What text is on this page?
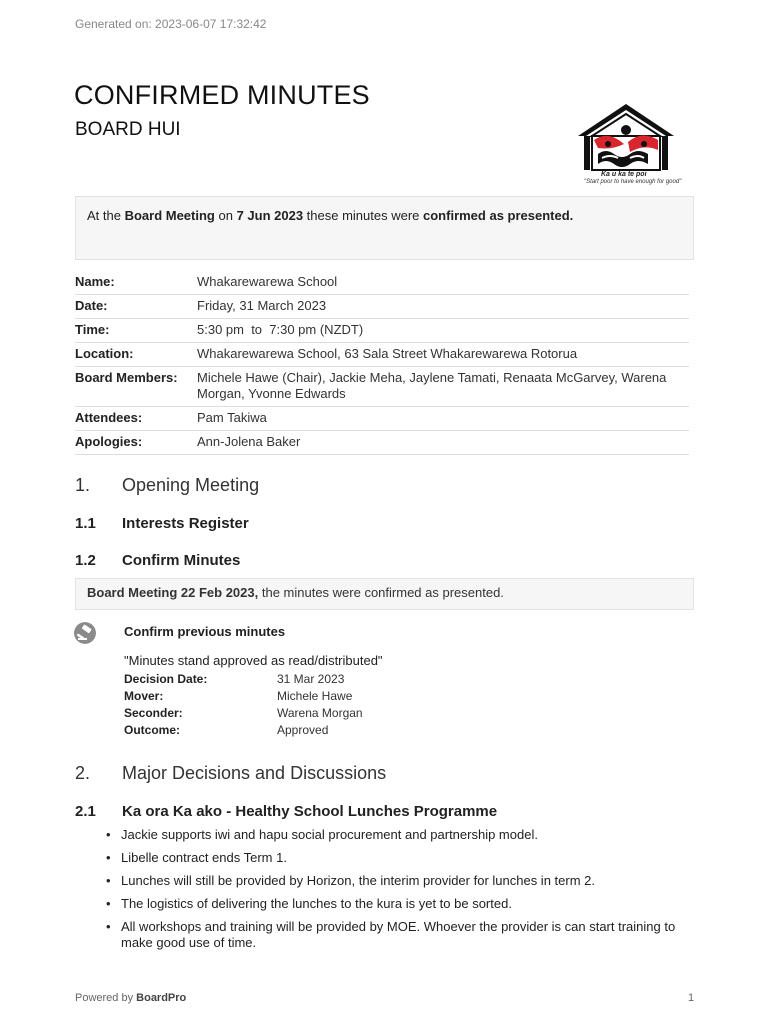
Generated on: 2023-06-07 17:32:42
CONFIRMED MINUTES
BOARD HUI
Ka u ka te poi
"Start poor to have enough for good"
At the Board Meeting on 7 Jun 2023 these minutes were confirmed as presented.
Name:	Whakarewarewa School
Date:	Friday, 31 March 2023
Time:	5:30 pm  to  7:30 pm (NZDT)
Location:	Whakarewarewa School, 63 Sala Street Whakarewarewa Rotorua
Board Members:	Michele Hawe (Chair), Jackie Meha, Jaylene Tamati, Renaata McGarvey, Warena Morgan, Yvonne Edwards
Attendees:	Pam Takiwa
Apologies:	Ann-Jolena Baker
1. Opening Meeting
1.1 Interests Register
1.2 Confirm Minutes
Board Meeting 22 Feb 2023, the minutes were confirmed as presented.
Confirm previous minutes
"Minutes stand approved as read/distributed"
Decision Date:	31 Mar 2023
Mover:	Michele Hawe
Seconder:	Warena Morgan
Outcome:	Approved
2. Major Decisions and Discussions
2.1 Ka ora Ka ako - Healthy School Lunches Programme
• Jackie supports iwi and hapu social procurement and partnership model.
• Libelle contract ends Term 1.
• Lunches will still be provided by Horizon, the interim provider for lunches in term 2.
• The logistics of delivering the lunches to the kura is yet to be sorted.
• All workshops and training will be provided by MOE. Whoever the provider is can start training to make good use of time.
Powered by BoardPro	1
